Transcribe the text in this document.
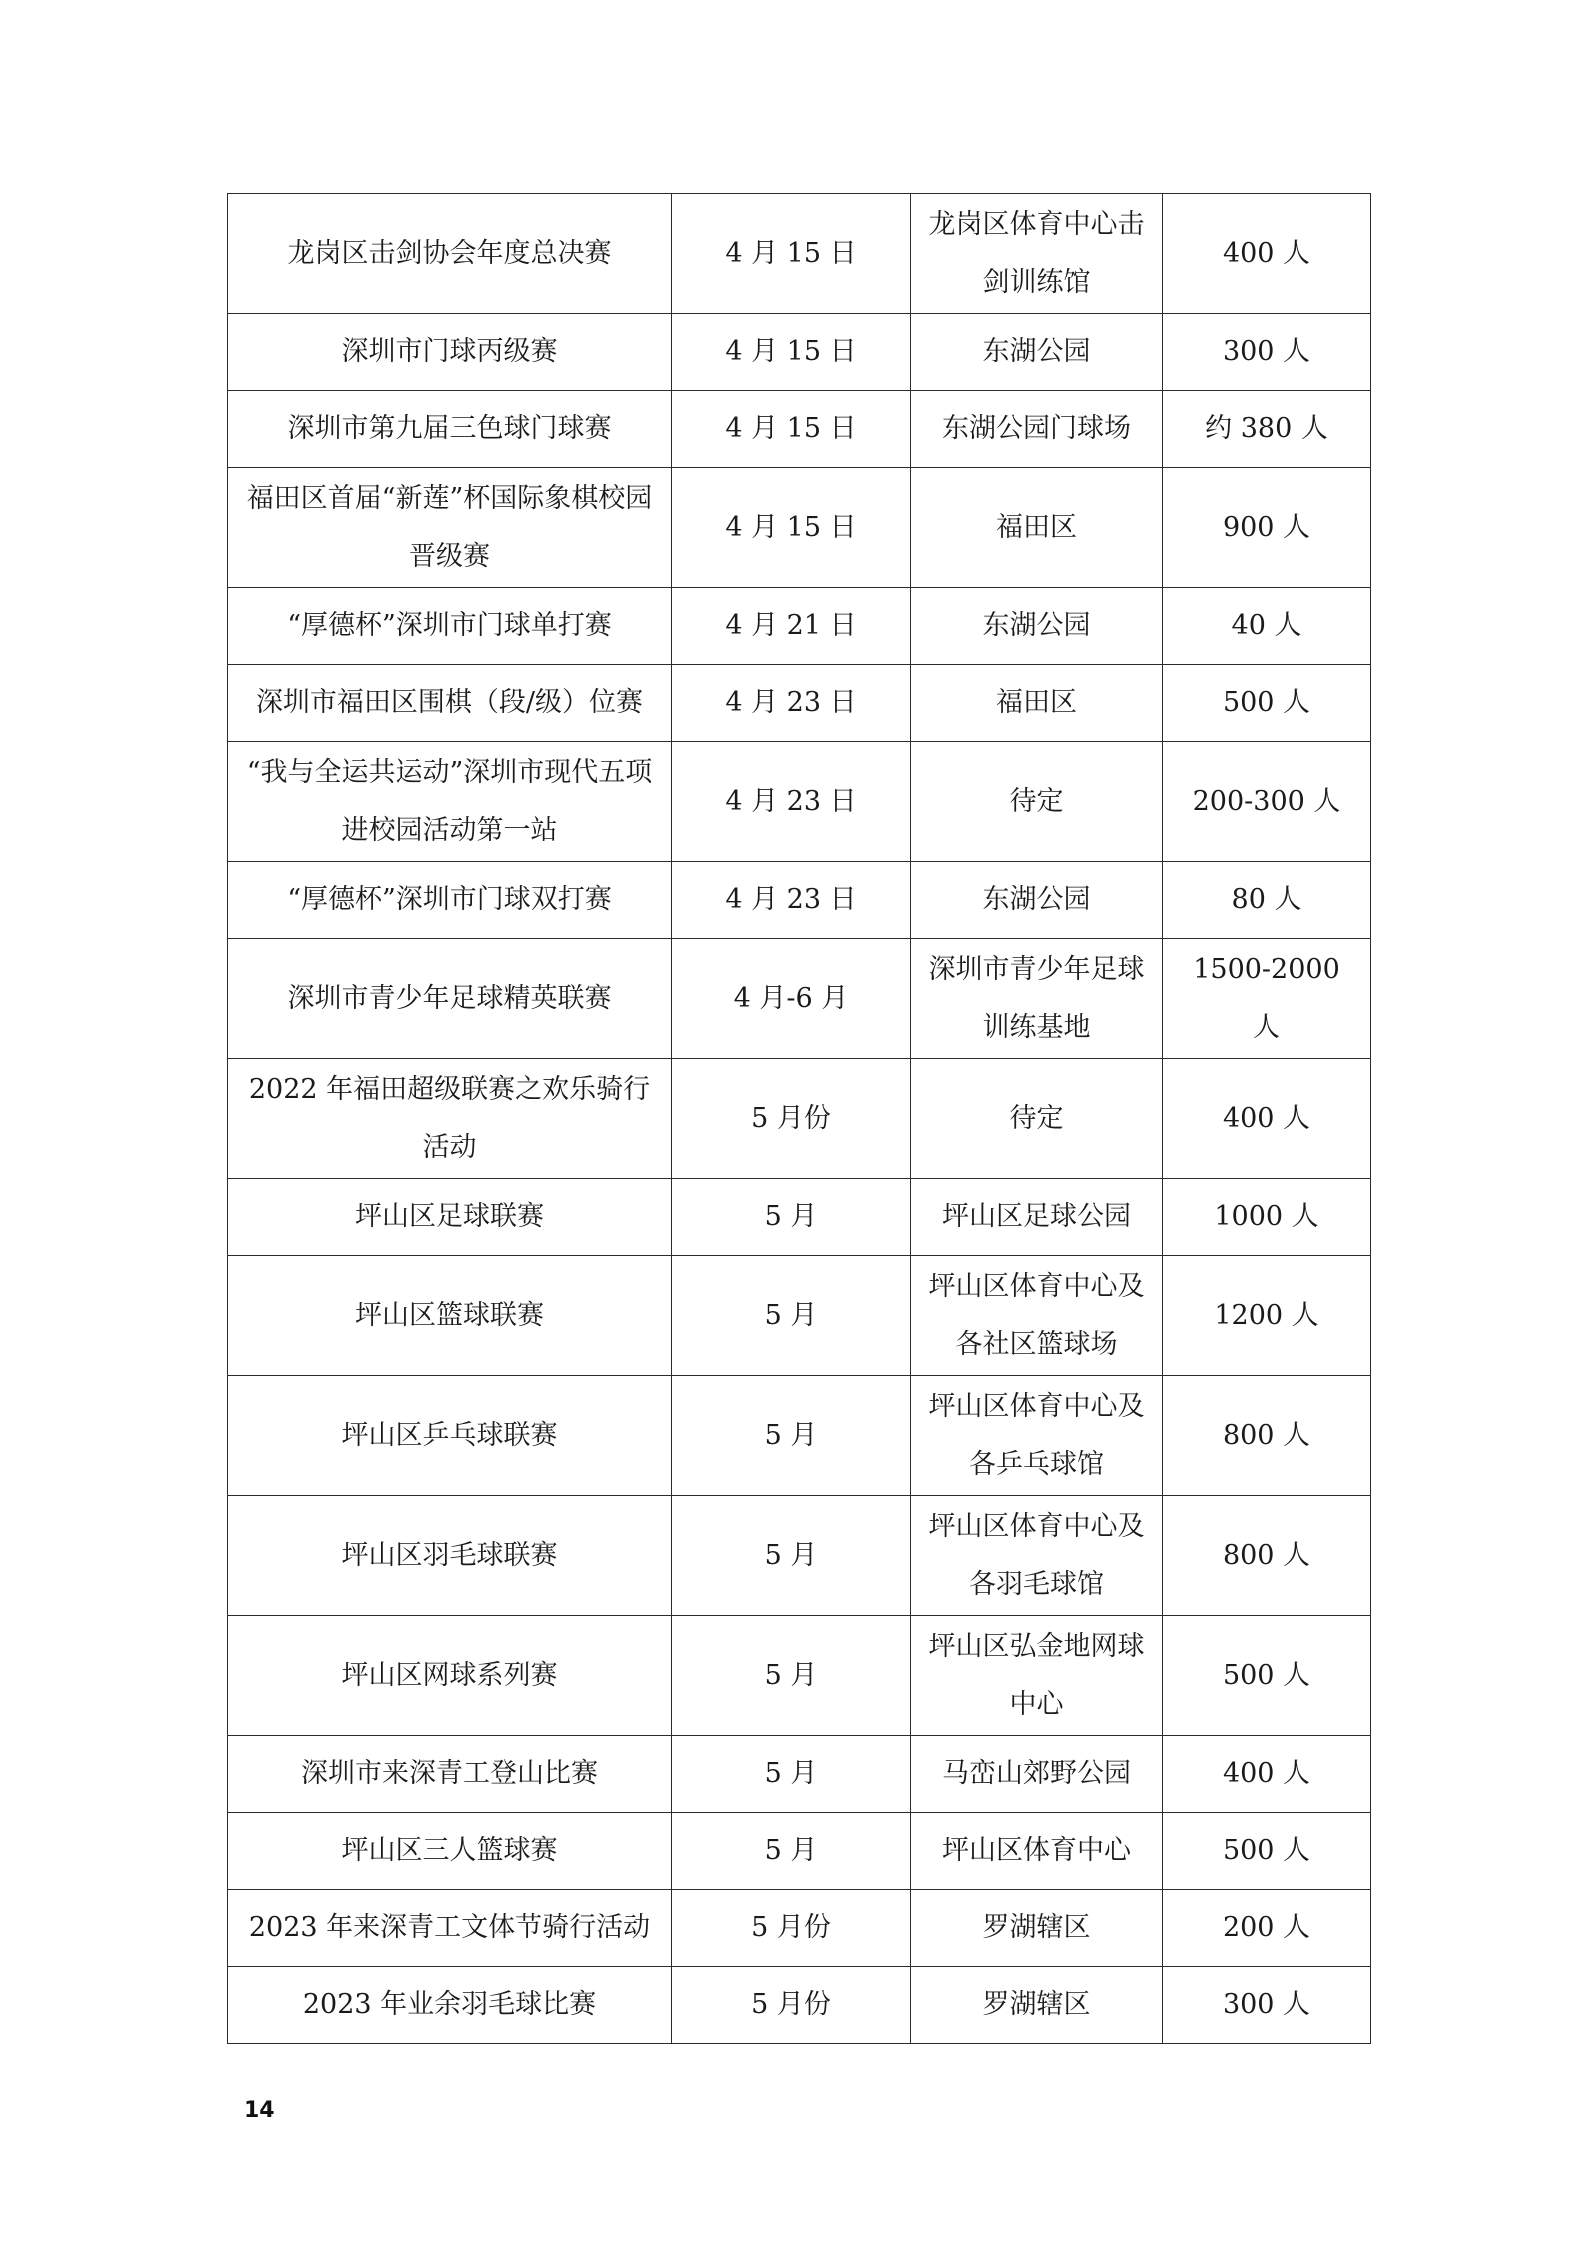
龙岗区击剑协会年度总决赛	4 月 15 日	龙岗区体育中心击剑训练馆	400 人
深圳市门球丙级赛	4 月 15 日	东湖公园	300 人
深圳市第九届三色球门球赛	4 月 15 日	东湖公园门球场	约 380 人
福田区首届“新莲”杯国际象棋校园晋级赛	4 月 15 日	福田区	900 人
“厚德杯”深圳市门球单打赛	4 月 21 日	东湖公园	40 人
深圳市福田区围棋（段/级）位赛	4 月 23 日	福田区	500 人
“我与全运共运动”深圳市现代五项进校园活动第一站	4 月 23 日	待定	200-300 人
“厚德杯”深圳市门球双打赛	4 月 23 日	东湖公园	80 人
深圳市青少年足球精英联赛	4 月-6 月	深圳市青少年足球训练基地	1500-2000 人
2022 年福田超级联赛之欢乐骑行活动	5 月份	待定	400 人
坪山区足球联赛	5 月	坪山区足球公园	1000 人
坪山区篮球联赛	5 月	坪山区体育中心及各社区篮球场	1200 人
坪山区乒乓球联赛	5 月	坪山区体育中心及各乒乓球馆	800 人
坪山区羽毛球联赛	5 月	坪山区体育中心及各羽毛球馆	800 人
坪山区网球系列赛	5 月	坪山区弘金地网球中心	500 人
深圳市来深青工登山比赛	5 月	马峦山郊野公园	400 人
坪山区三人篮球赛	5 月	坪山区体育中心	500 人
2023 年来深青工文体节骑行活动	5 月份	罗湖辖区	200 人
2023 年业余羽毛球比赛	5 月份	罗湖辖区	300 人
14
